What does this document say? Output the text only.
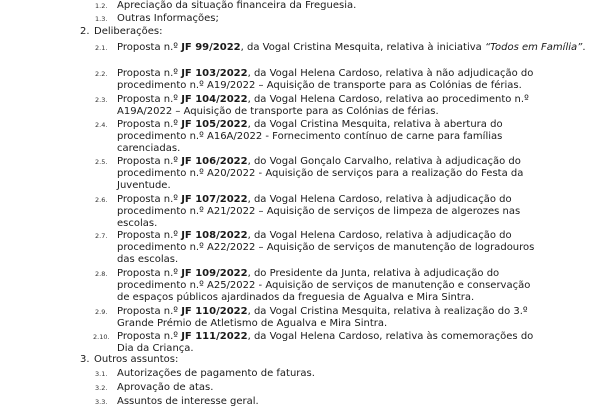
1.2. Apreciação da situação financeira da Freguesia.
1.3. Outras Informações;
2. Deliberações:
2.1. Proposta n.º JF 99/2022, da Vogal Cristina Mesquita, relativa à iniciativa “Todos em Família”.
2.2. Proposta n.º JF 103/2022, da Vogal Helena Cardoso, relativa à não adjudicação do
procedimento n.º A19/2022 – Aquisição de transporte para as Colónias de férias.
2.3. Proposta n.º JF 104/2022, da Vogal Helena Cardoso, relativa ao procedimento n.º
A19A/2022 – Aquisição de transporte para as Colónias de férias.
2.4. Proposta n.º JF 105/2022, da Vogal Cristina Mesquita, relativa à abertura do
procedimento n.º A16A/2022 - Fornecimento contínuo de carne para famílias
carenciadas.
2.5. Proposta n.º JF 106/2022, do Vogal Gonçalo Carvalho, relativa à adjudicação do
procedimento n.º A20/2022 - Aquisição de serviços para a realização do Festa da
Juventude.
2.6. Proposta n.º JF 107/2022, da Vogal Helena Cardoso, relativa à adjudicação do
procedimento n.º A21/2022 – Aquisição de serviços de limpeza de algerozes nas
escolas.
2.7. Proposta n.º JF 108/2022, da Vogal Helena Cardoso, relativa à adjudicação do
procedimento n.º A22/2022 – Aquisição de serviços de manutenção de logradouros
das escolas.
2.8. Proposta n.º JF 109/2022, do Presidente da Junta, relativa à adjudicação do
procedimento n.º A25/2022 - Aquisição de serviços de manutenção e conservação
de espaços públicos ajardinados da freguesia de Agualva e Mira Sintra.
2.9. Proposta n.º JF 110/2022, da Vogal Cristina Mesquita, relativa à realização do 3.º
Grande Prémio de Atletismo de Agualva e Mira Sintra.
2.10. Proposta n.º JF 111/2022, da Vogal Helena Cardoso, relativa às comemorações do
Dia da Criança.
3. Outros assuntos:
3.1. Autorizações de pagamento de faturas.
3.2. Aprovação de atas.
3.3. Assuntos de interesse geral.
